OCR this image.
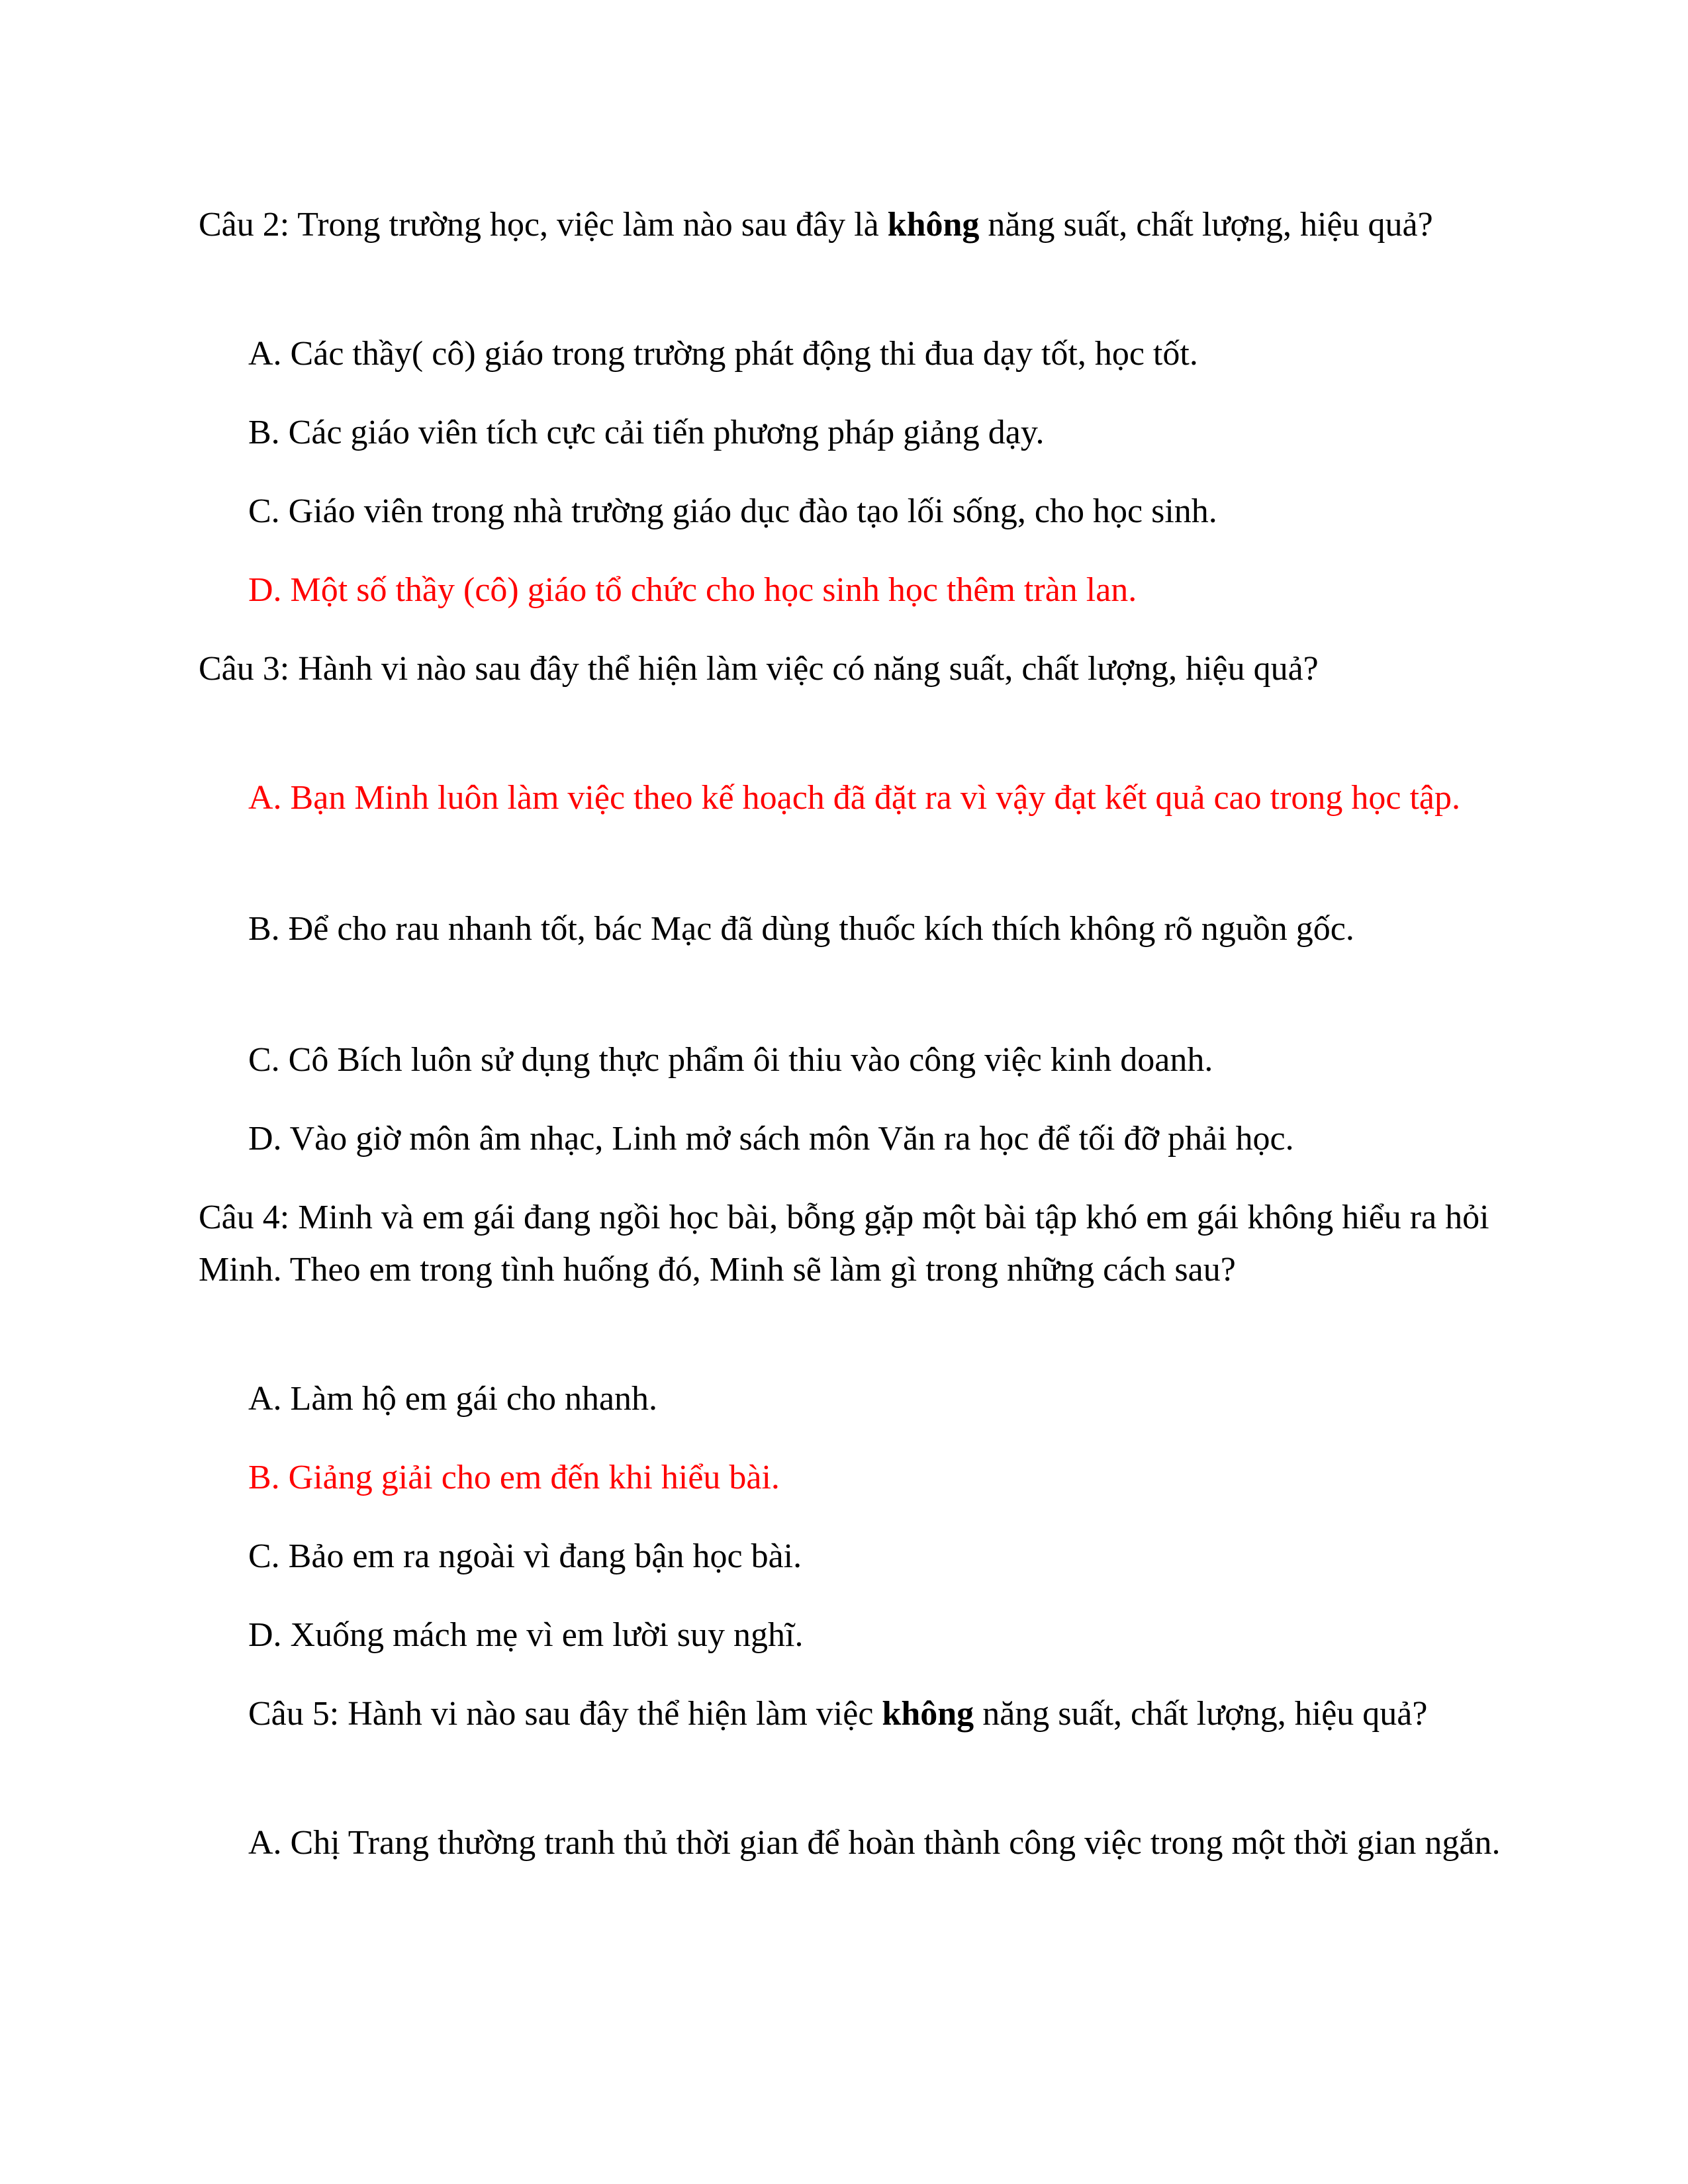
Câu 2: Trong trường học, việc làm nào sau đây là không năng suất, chất lượng, hiệu quả?

A. Các thầy( cô) giáo trong trường phát động thi đua dạy tốt, học tốt.

B. Các giáo viên tích cực cải tiến phương pháp giảng dạy.

C. Giáo viên trong nhà trường giáo dục đào tạo lối sống, cho học sinh.

D. Một số thầy (cô) giáo tổ chức cho học sinh học thêm tràn lan.

Câu 3: Hành vi nào sau đây thể hiện làm việc có năng suất, chất lượng, hiệu quả?

A. Bạn Minh luôn làm việc theo kế hoạch đã đặt ra vì vậy đạt kết quả cao trong học tập.

B. Để cho rau nhanh tốt, bác Mạc đã dùng thuốc kích thích không rõ nguồn gốc.

C. Cô Bích luôn sử dụng thực phẩm ôi thiu vào công việc kinh doanh.

D. Vào giờ môn âm nhạc, Linh mở sách môn Văn ra học để tối đỡ phải học.

Câu 4: Minh và em gái đang ngồi học bài, bỗng gặp một bài tập khó em gái không hiểu ra hỏi Minh. Theo em trong tình huống đó, Minh sẽ làm gì trong những cách sau?

A. Làm hộ em gái cho nhanh.

B. Giảng giải cho em đến khi hiểu bài.

C. Bảo em ra ngoài vì đang bận học bài.

D. Xuống mách mẹ vì em lười suy nghĩ.

Câu 5: Hành vi nào sau đây thể hiện làm việc không năng suất, chất lượng, hiệu quả?

A. Chị Trang thường tranh thủ thời gian để hoàn thành công việc trong một thời gian ngắn.
